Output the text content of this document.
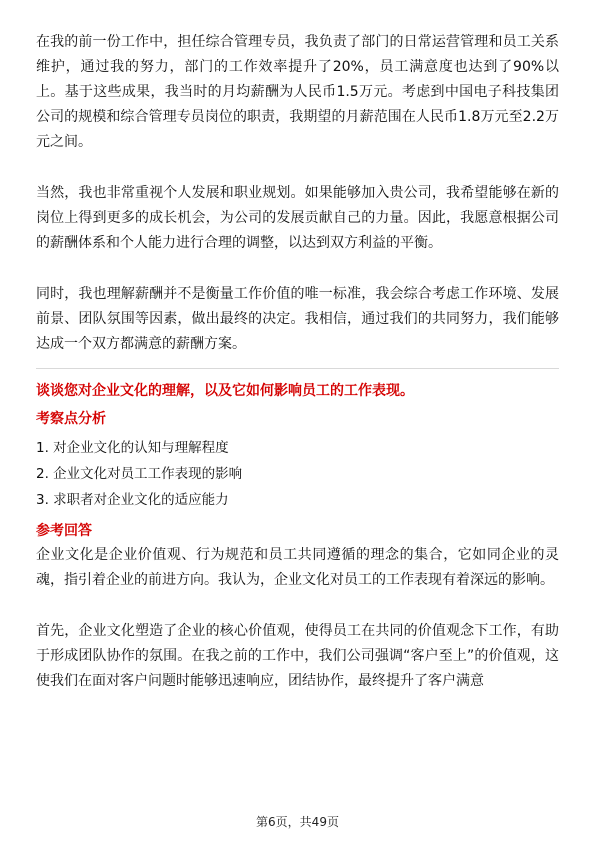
在我的前一份工作中，担任综合管理专员，我负责了部门的日常运营管理和员工关系维护，通过我的努力，部门的工作效率提升了20%，员工满意度也达到了90%以上。基于这些成果，我当时的月均薪酬为人民币1.5万元。考虑到中国电子科技集团公司的规模和综合管理专员岗位的职责，我期望的月薪范围在人民币1.8万元至2.2万元之间。

当然，我也非常重视个人发展和职业规划。如果能够加入贵公司，我希望能够在新的岗位上得到更多的成长机会，为公司的发展贡献自己的力量。因此，我愿意根据公司的薪酬体系和个人能力进行合理的调整，以达到双方利益的平衡。

同时，我也理解薪酬并不是衡量工作价值的唯一标准，我会综合考虑工作环境、发展前景、团队氛围等因素，做出最终的决定。我相信，通过我们的共同努力，我们能够达成一个双方都满意的薪酬方案。

谈谈您对企业文化的理解，以及它如何影响员工的工作表现。
考察点分析
1. 对企业文化的认知与理解程度
2. 企业文化对员工工作表现的影响
3. 求职者对企业文化的适应能力
参考回答

企业文化是企业价值观、行为规范和员工共同遵循的理念的集合，它如同企业的灵魂，指引着企业的前进方向。我认为，企业文化对员工的工作表现有着深远的影响。

首先，企业文化塑造了企业的核心价值观，使得员工在共同的价值观念下工作，有助于形成团队协作的氛围。在我之前的工作中，我们公司强调“客户至上”的价值观，这使我们在面对客户问题时能够迅速响应，团结协作，最终提升了客户满意

第6页，共49页
